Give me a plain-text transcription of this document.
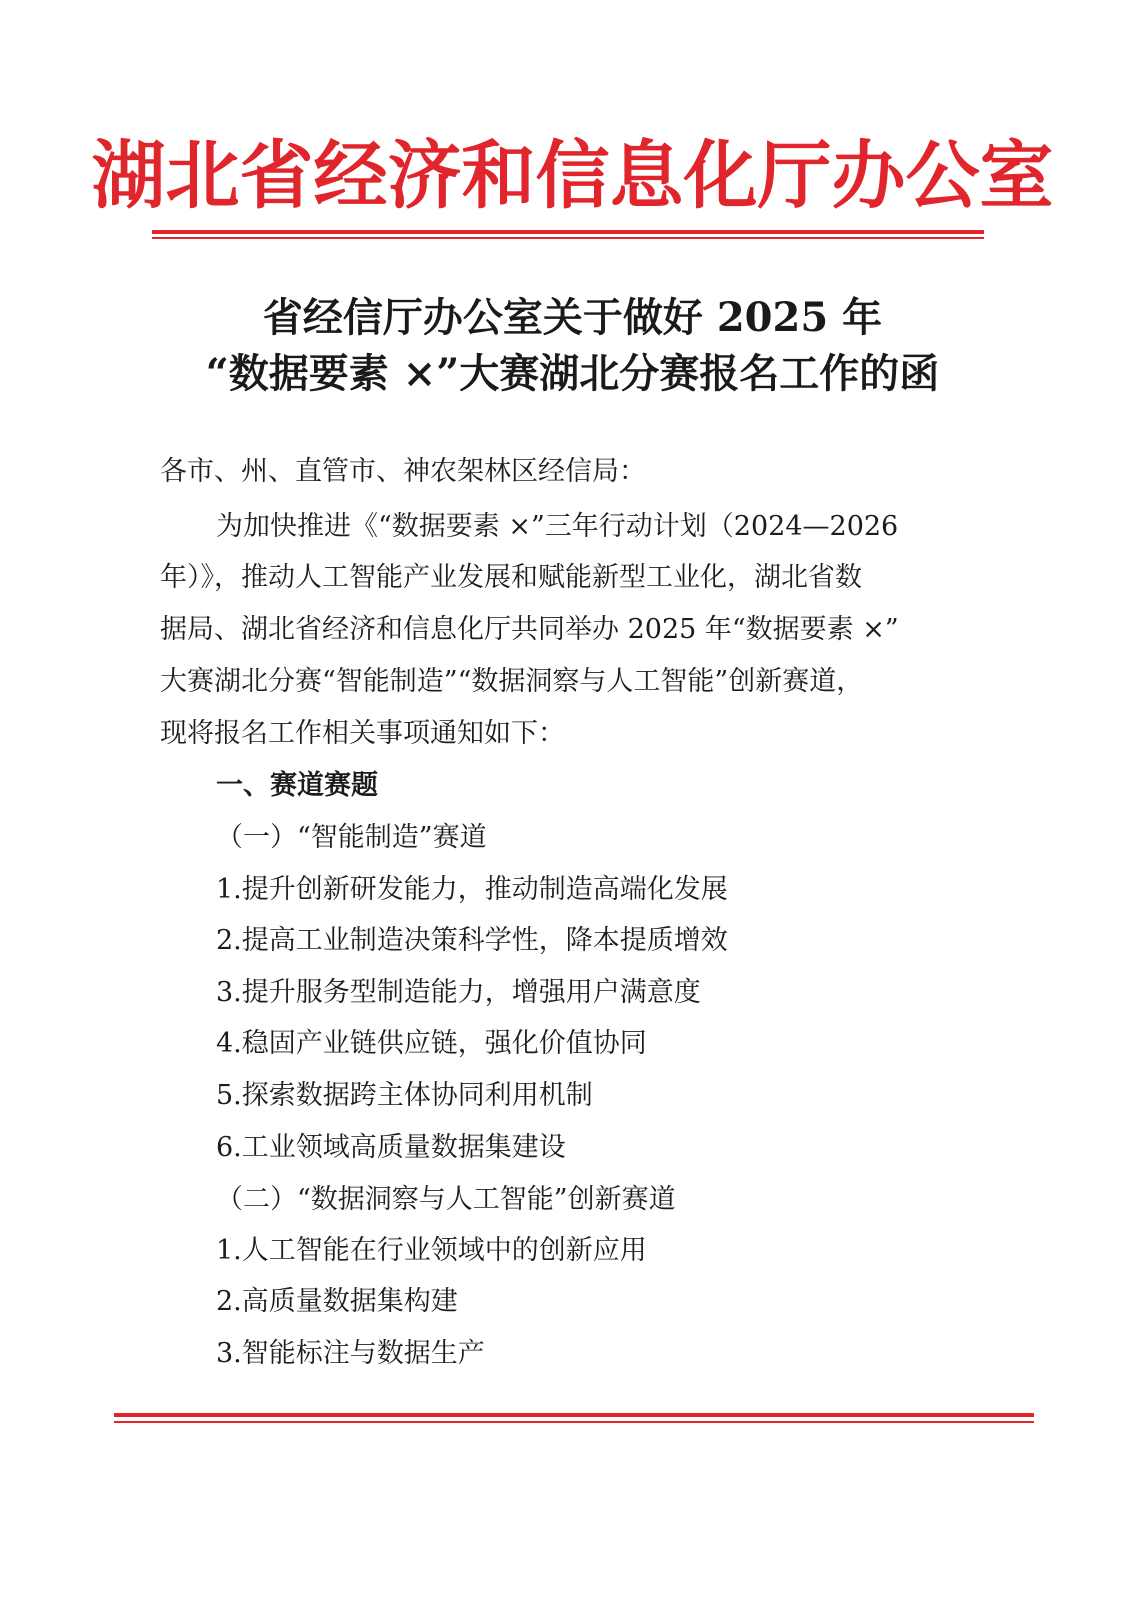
湖北省经济和信息化厅办公室
省经信厅办公室关于做好 2025 年
“数据要素 ×”大赛湖北分赛报名工作的函
各市、州、直管市、神农架林区经信局：
为加快推进《“数据要素 ×”三年行动计划（2024—2026
年）》，推动人工智能产业发展和赋能新型工业化，湖北省数
据局、湖北省经济和信息化厅共同举办 2025 年“数据要素 ×”
大赛湖北分赛“智能制造”“数据洞察与人工智能”创新赛道，
现将报名工作相关事项通知如下：
一、赛道赛题
（一）“智能制造”赛道
1.提升创新研发能力，推动制造高端化发展
2.提高工业制造决策科学性，降本提质增效
3.提升服务型制造能力，增强用户满意度
4.稳固产业链供应链，强化价值协同
5.探索数据跨主体协同利用机制
6.工业领域高质量数据集建设
（二）“数据洞察与人工智能”创新赛道
1.人工智能在行业领域中的创新应用
2.高质量数据集构建
3.智能标注与数据生产
